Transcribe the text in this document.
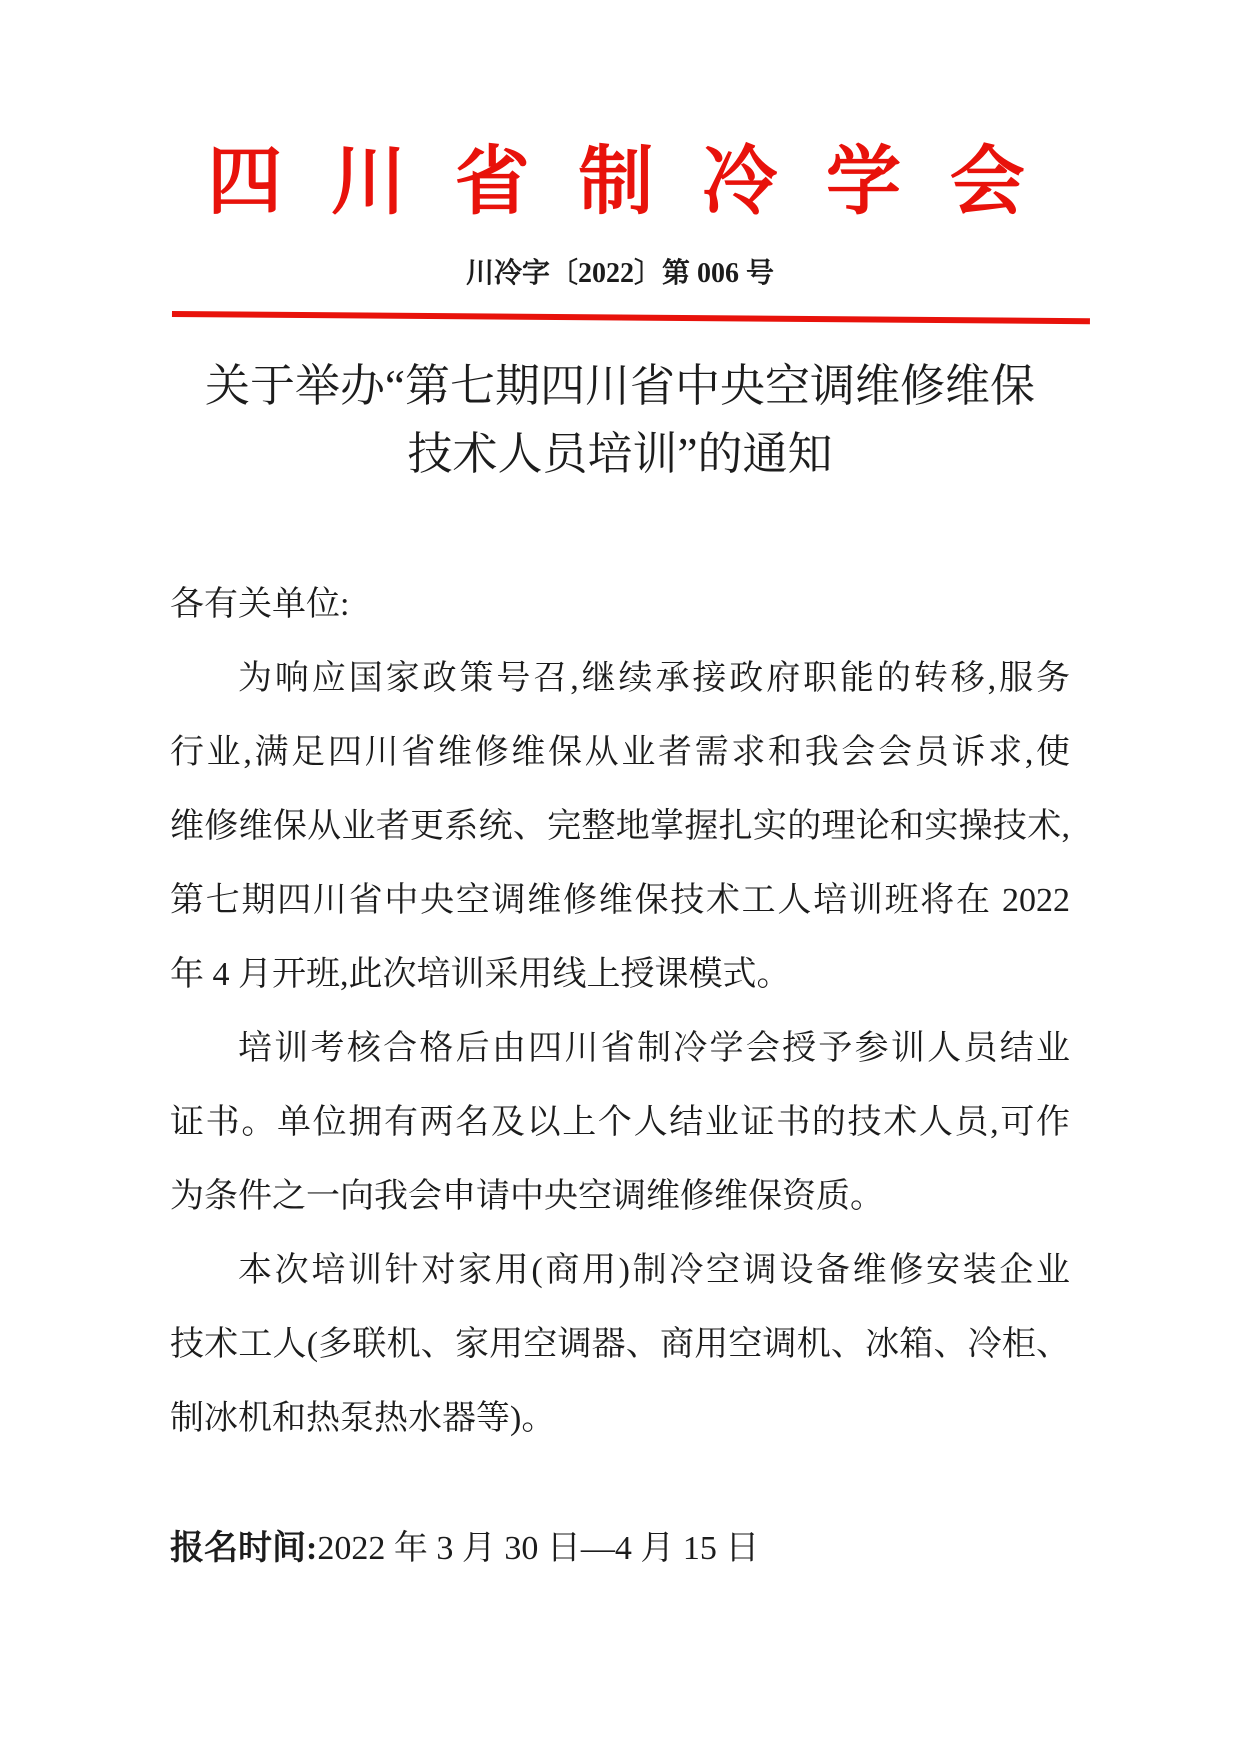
四 川 省 制 冷 学 会
川冷字〔2022〕第 006 号
关于举办“第七期四川省中央空调维修维保
技术人员培训”的通知
各有关单位:
为响应国家政策号召,继续承接政府职能的转移,服务
行业,满足四川省维修维保从业者需求和我会会员诉求,使
维修维保从业者更系统、完整地掌握扎实的理论和实操技术,
第七期四川省中央空调维修维保技术工人培训班将在 2022
年 4 月开班,此次培训采用线上授课模式。
培训考核合格后由四川省制冷学会授予参训人员结业
证书。单位拥有两名及以上个人结业证书的技术人员,可作
为条件之一向我会申请中央空调维修维保资质。
本次培训针对家用(商用)制冷空调设备维修安装企业
技术工人(多联机、家用空调器、商用空调机、冰箱、冷柜、
制冰机和热泵热水器等)。
报名时间:2022 年 3 月 30 日—4 月 15 日
